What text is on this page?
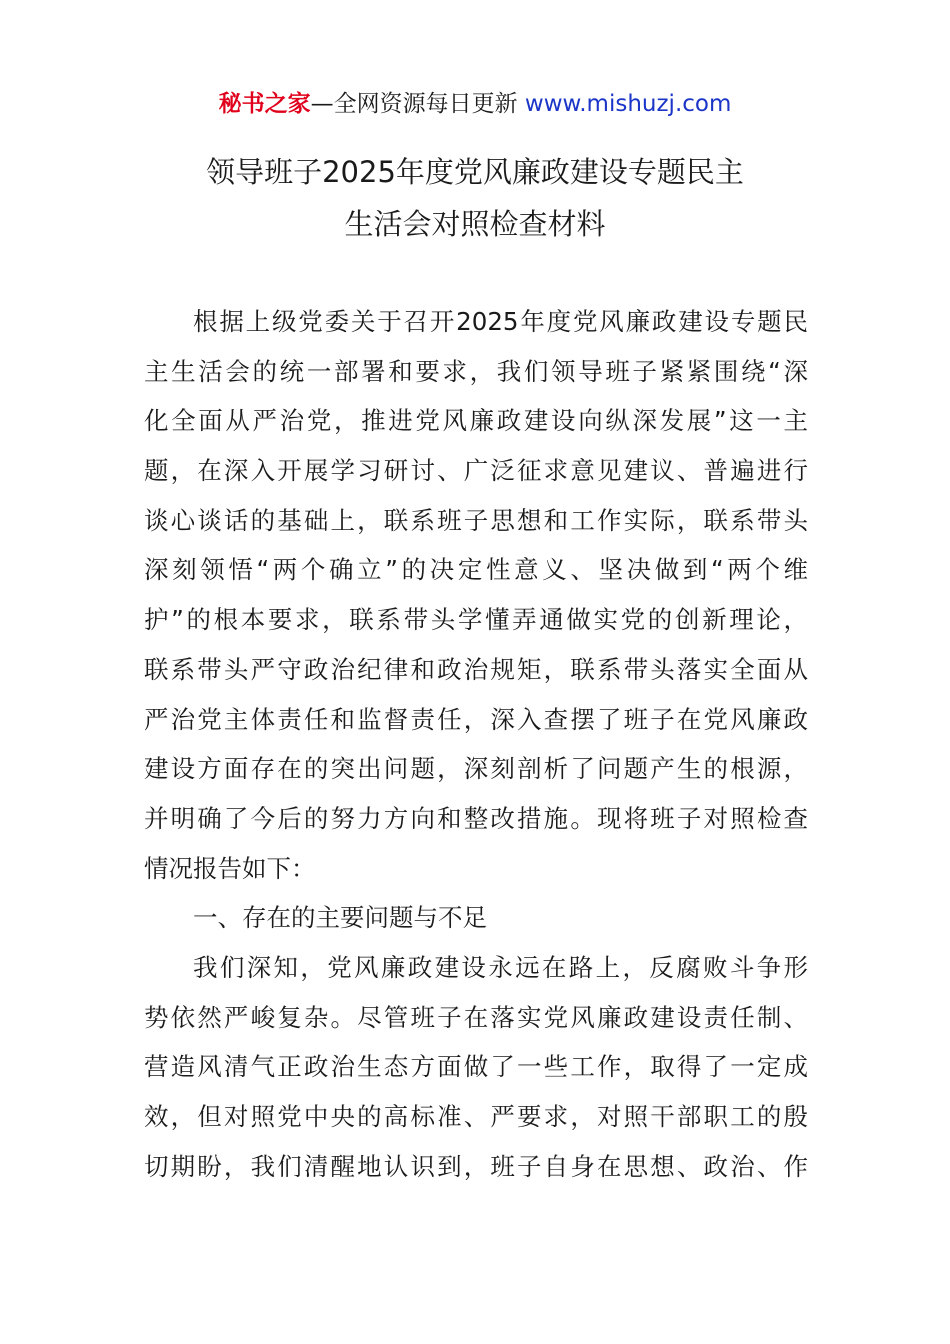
秘书之家—全网资源每日更新 www.mishuzj.com
领导班子2025年度党风廉政建设专题民主
生活会对照检查材料
根据上级党委关于召开2025年度党风廉政建设专题民
主生活会的统一部署和要求，我们领导班子紧紧围绕“深
化全面从严治党，推进党风廉政建设向纵深发展”这一主
题，在深入开展学习研讨、广泛征求意见建议、普遍进行
谈心谈话的基础上，联系班子思想和工作实际，联系带头
深刻领悟“两个确立”的决定性意义、坚决做到“两个维
护”的根本要求，联系带头学懂弄通做实党的创新理论，
联系带头严守政治纪律和政治规矩，联系带头落实全面从
严治党主体责任和监督责任，深入查摆了班子在党风廉政
建设方面存在的突出问题，深刻剖析了问题产生的根源，
并明确了今后的努力方向和整改措施。现将班子对照检查
情况报告如下：
一、存在的主要问题与不足
我们深知，党风廉政建设永远在路上，反腐败斗争形
势依然严峻复杂。尽管班子在落实党风廉政建设责任制、
营造风清气正政治生态方面做了一些工作，取得了一定成
效，但对照党中央的高标准、严要求，对照干部职工的殷
切期盼，我们清醒地认识到，班子自身在思想、政治、作
